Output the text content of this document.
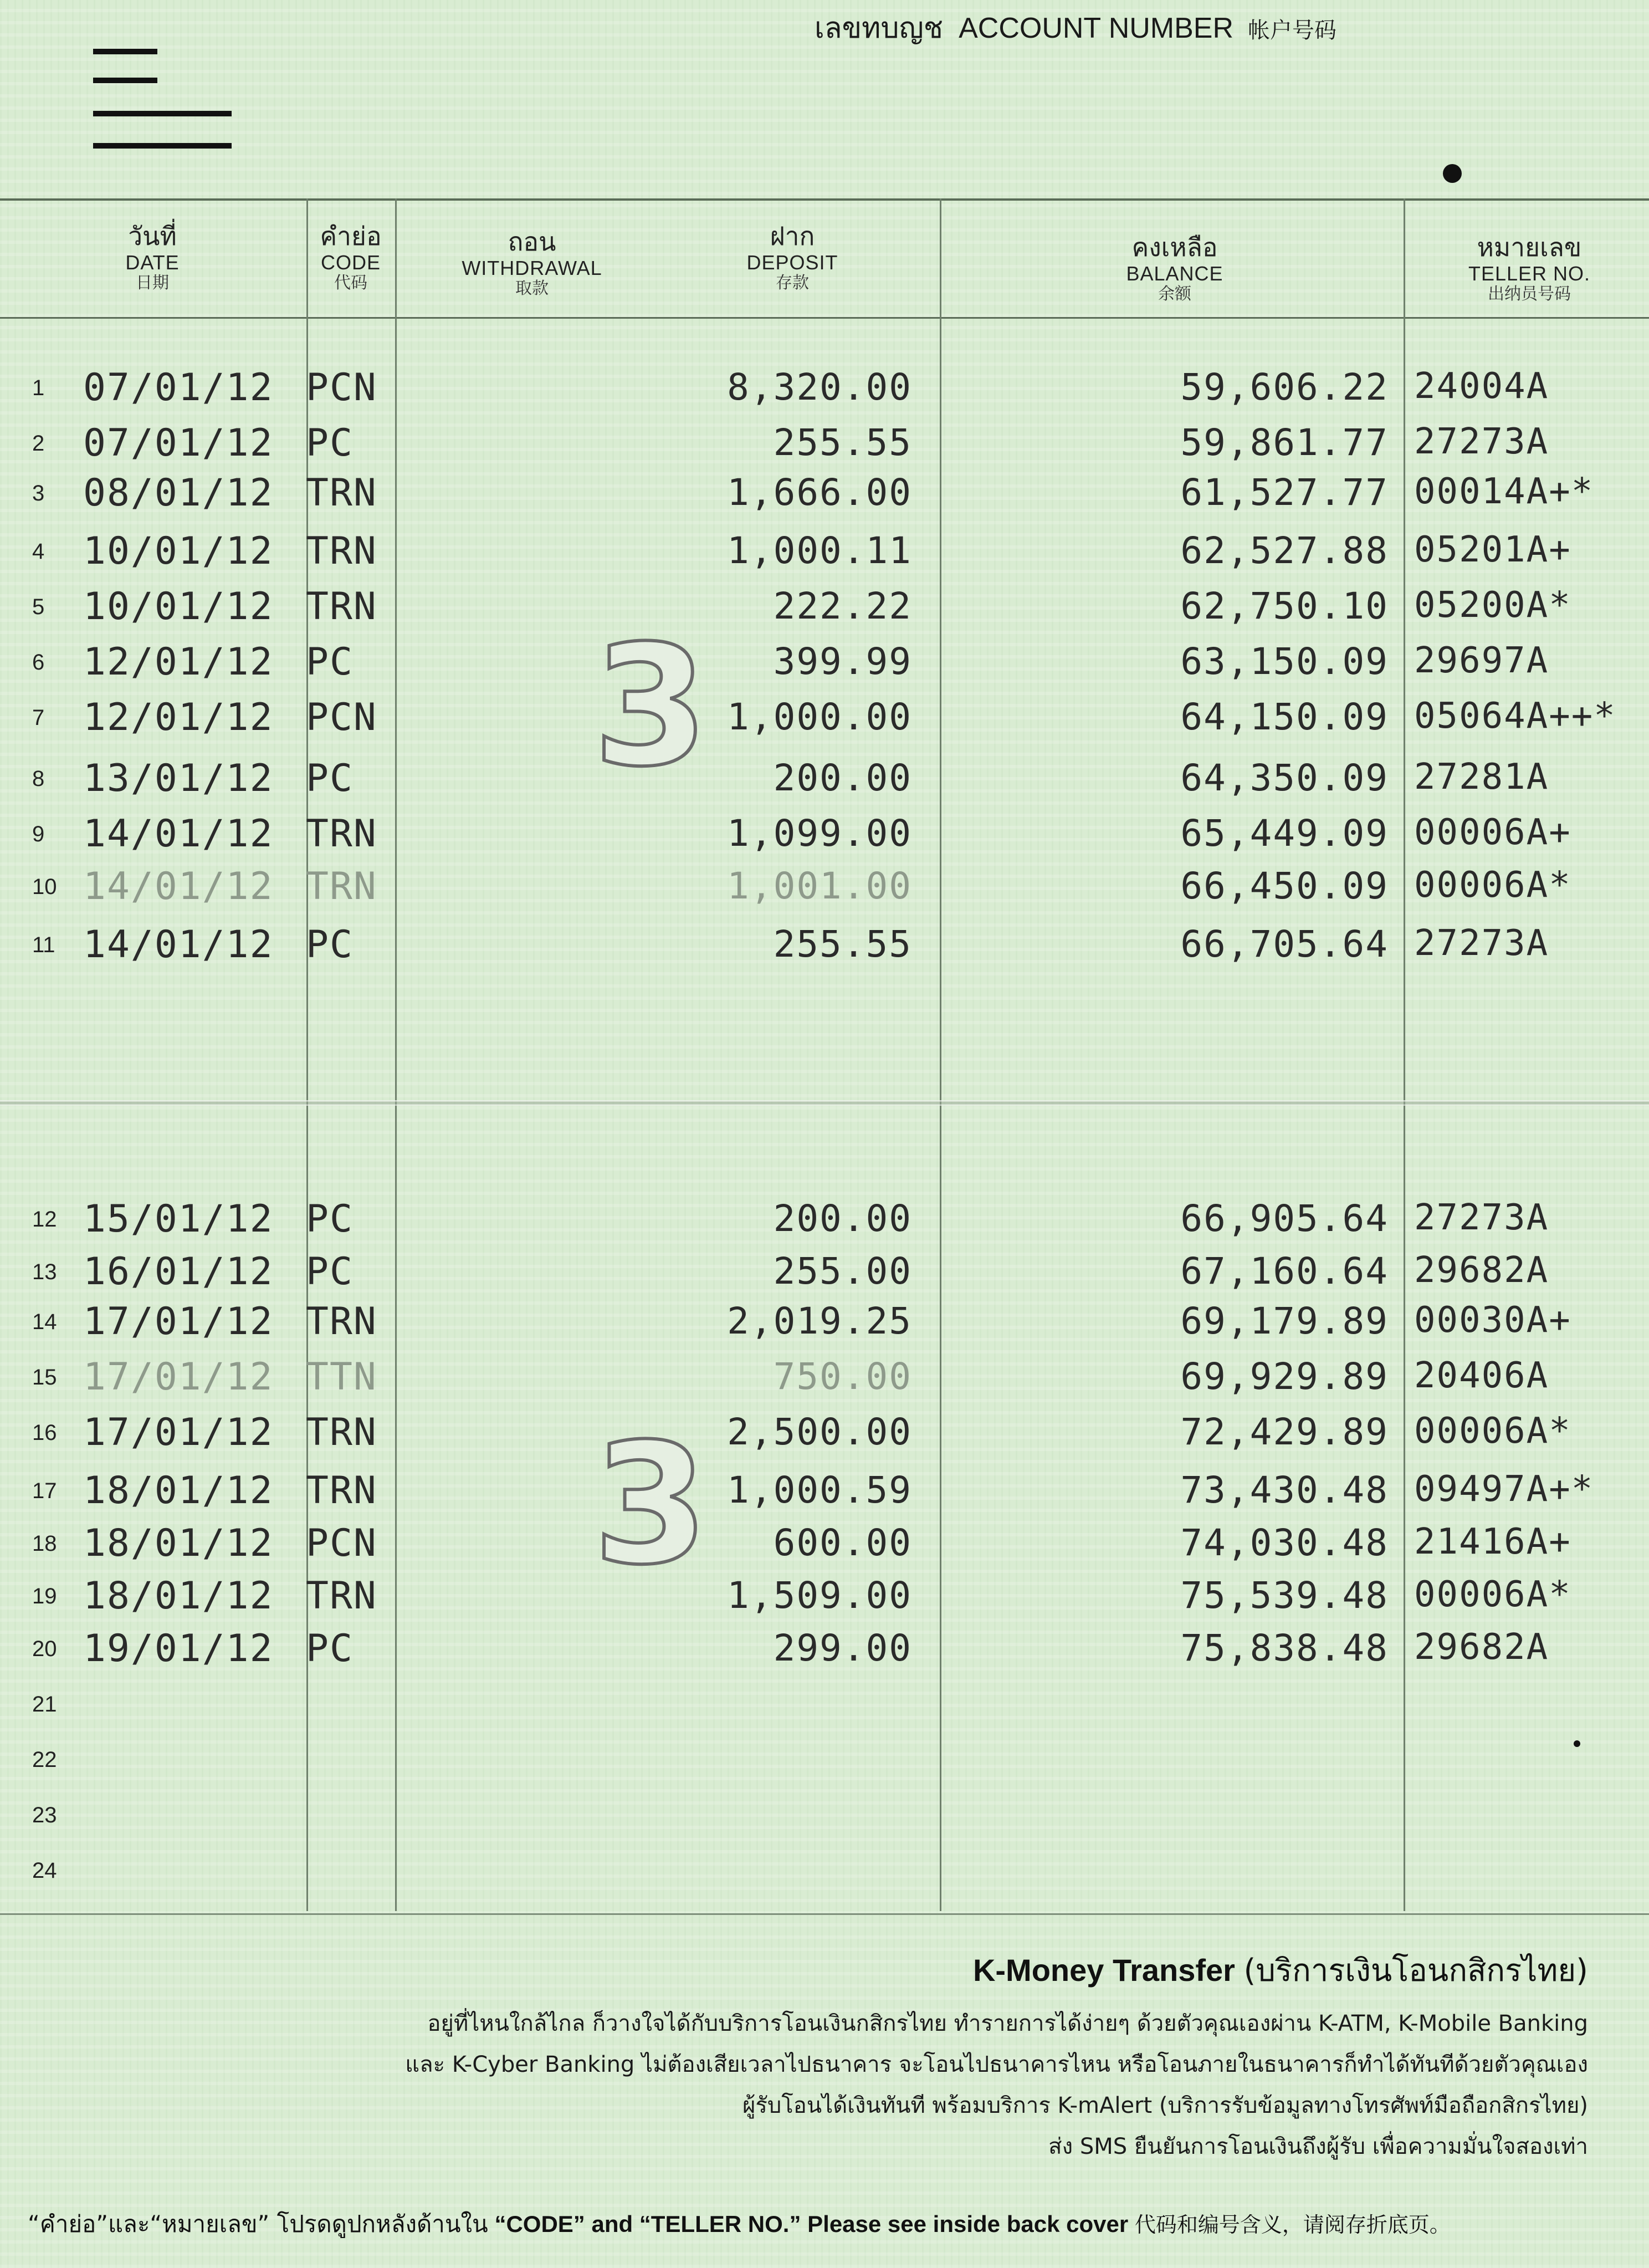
เลขทบญช ACCOUNT NUMBER 帐户号码
วันที่
DATE
日期
คำย่อ
CODE
代码
ถอน
WITHDRAWAL
取款
ฝาก
DEPOSIT
存款
คงเหลือ
BALANCE
余额
หมายเลข
TELLER NO.
出纳员号码
3
3
1 07/01/12 PCN	8,320.00	59,606.22 24004A
2 07/01/12 PC	255.55	59,861.77 27273A
3 08/01/12 TRN	1,666.00	61,527.77 00014A+*
4 10/01/12 TRN	1,000.11	62,527.88 05201A+
5 10/01/12 TRN	222.22	62,750.10 05200A*
6 12/01/12 PC	399.99	63,150.09 29697A
7 12/01/12 PCN	1,000.00	64,150.09 05064A++*
8 13/01/12 PC	200.00	64,350.09 27281A
9 14/01/12 TRN	1,099.00	65,449.09 00006A+
10 14/01/12 TRN	1,001.00	66,450.09 00006A*
11 14/01/12 PC	255.55	66,705.64 27273A
12 15/01/12 PC	200.00	66,905.64 27273A
13 16/01/12 PC	255.00	67,160.64 29682A
14 17/01/12 TRN	2,019.25	69,179.89 00030A+
15 17/01/12 TTN	750.00	69,929.89 20406A
16 17/01/12 TRN	2,500.00	72,429.89 00006A*
17 18/01/12 TRN	1,000.59	73,430.48 09497A+*
18 18/01/12 PCN	600.00	74,030.48 21416A+
19 18/01/12 TRN	1,509.00	75,539.48 00006A*
20 19/01/12 PC	299.00	75,838.48 29682A
21
22
23
24
K-Money Transfer (บริการเงินโอนกสิกรไทย)
อยู่ที่ไหนใกล้ไกล ก็วางใจได้กับบริการโอนเงินกสิกรไทย ทำรายการได้ง่ายๆ ด้วยตัวคุณเองผ่าน K-ATM, K-Mobile Banking
และ K-Cyber Banking ไม่ต้องเสียเวลาไปธนาคาร จะโอนไปธนาคารไหน หรือโอนภายในธนาคารก็ทำได้ทันทีด้วยตัวคุณเอง
ผู้รับโอนได้เงินทันที พร้อมบริการ K-mAlert (บริการรับข้อมูลทางโทรศัพท์มือถือกสิกรไทย)
ส่ง SMS ยืนยันการโอนเงินถึงผู้รับ เพื่อความมั่นใจสองเท่า
“คำย่อ”และ“หมายเลข” โปรดดูปกหลังด้านใน “CODE” and “TELLER NO.” Please see inside back cover 代码和编号含义，请阅存折底页。
